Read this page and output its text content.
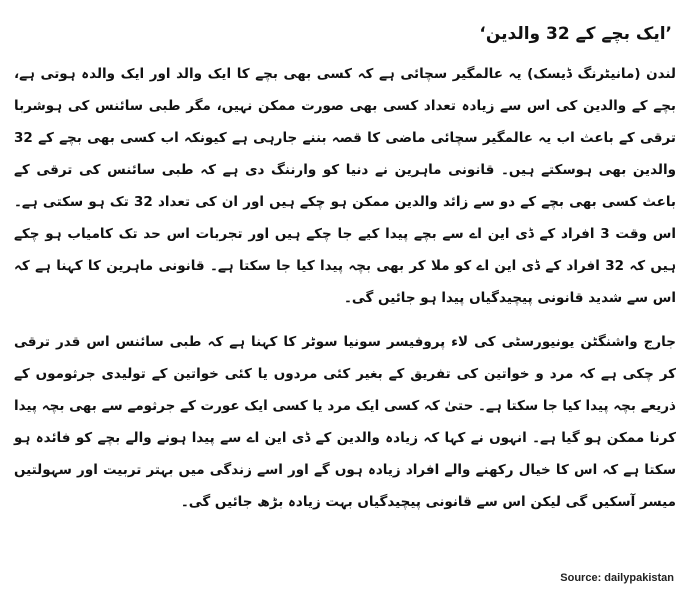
’ایک بچے کے 32 والدین‘

لندن (مانیٹرنگ ڈیسک) یہ عالمگیر سچائی ہے کہ کسی بھی بچے کا ایک والد اور ایک والدہ ہوتی ہے، بچے کے والدین کی اس سے زیادہ تعداد کسی بھی صورت ممکن نہیں، مگر طبی سائنس کی ہوشربا ترقی کے باعث اب یہ عالمگیر سچائی ماضی کا قصہ بننے جارہی ہے کیونکہ اب کسی بھی بچے کے 32 والدین بھی ہوسکتے ہیں۔ قانونی ماہرین نے دنیا کو وارننگ دی ہے کہ طبی سائنس کی ترقی کے باعث کسی بھی بچے کے دو سے زائد والدین ممکن ہو چکے ہیں اور ان کی تعداد 32 تک ہو سکتی ہے۔ اس وقت 3 افراد کے ڈی این اے سے بچے پیدا کیے جا چکے ہیں اور تجربات اس حد تک کامیاب ہو چکے ہیں کہ 32 افراد کے ڈی این اے کو ملا کر بھی بچہ پیدا کیا جا سکتا ہے۔ قانونی ماہرین کا کہنا ہے کہ اس سے شدید قانونی پیچیدگیاں پیدا ہو جائیں گی۔

جارج واشنگٹن یونیورسٹی کی لاء پروفیسر سونیا سوٹر کا کہنا ہے کہ طبی سائنس اس قدر ترقی کر چکی ہے کہ مرد و خواتین کی تفریق کے بغیر کئی مردوں یا کئی خواتین کے تولیدی جرثوموں کے ذریعے بچہ پیدا کیا جا سکتا ہے۔ حتیٰ کہ کسی ایک مرد یا کسی ایک عورت کے جرثومے سے بھی بچہ پیدا کرنا ممکن ہو گیا ہے۔ انہوں نے کہا کہ زیادہ والدین کے ڈی این اے سے پیدا ہونے والے بچے کو فائدہ ہو سکتا ہے کہ اس کا خیال رکھنے والے افراد زیادہ ہوں گے اور اسے زندگی میں بہتر تربیت اور سہولتیں میسر آسکیں گی لیکن اس سے قانونی پیچیدگیاں بہت زیادہ بڑھ جائیں گی۔

Source: dailypakistan
